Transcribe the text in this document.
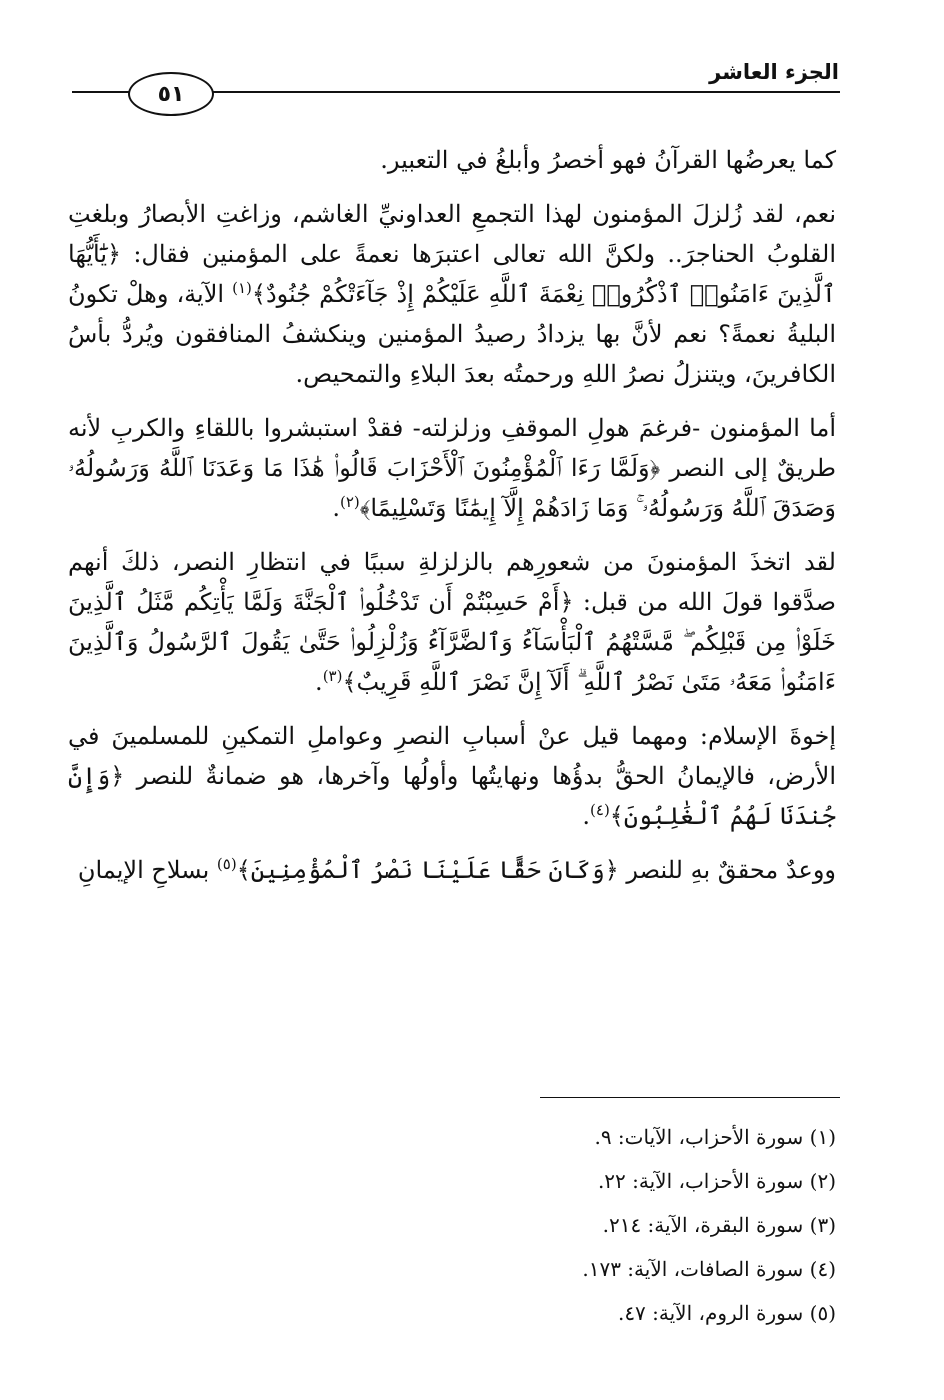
الجزء العاشر
٥١

كما يعرضُها القرآنُ فهو أخصرُ وأبلغُ في التعبير.

نعم، لقد زُلزلَ المؤمنون لهذا التجمعِ العداونيِّ الغاشم، وزاغتِ الأبصارُ وبلغتِ القلوبُ الحناجرَ.. ولكنَّ الله تعالى اعتبرَها نعمةً على المؤمنين فقال: ﴿يَٰٓأَيُّهَا ٱلَّذِينَ ءَامَنُوا۟ ٱذْكُرُوا۟ نِعْمَةَ ٱللَّهِ عَلَيْكُمْ إِذْ جَآءَتْكُمْ جُنُودٌ﴾$^{(١)}$ الآية، وهلْ تكونُ البليةُ نعمةً؟ نعم لأنَّ بها يزدادُ رصيدُ المؤمنين وينكشفُ المنافقون ويُردُّ بأسُ الكافرينَ، ويتنزلُ نصرُ اللهِ ورحمتُه بعدَ البلاءِ والتمحيص.

أما المؤمنون -فرغمَ هولِ الموقفِ وزلزلته- فقدْ استبشروا باللقاءِ والكربِ لأنه طريقٌ إلى النصر ﴿وَلَمَّا رَءَا ٱلْمُؤْمِنُونَ ٱلْأَحْزَابَ قَالُوا۟ هَٰذَا مَا وَعَدَنَا ٱللَّهُ وَرَسُولُهُۥ وَصَدَقَ ٱللَّهُ وَرَسُولُهُۥ ۚ وَمَا زَادَهُمْ إِلَّآ إِيمَٰنًا وَتَسْلِيمًا﴾$^{(٢)}$.

لقد اتخذَ المؤمنونَ من شعورِهم بالزلزلةِ سببًا في انتظارِ النصر، ذلكَ أنهم صدَّقوا قولَ الله من قبل: ﴿أَمْ حَسِبْتُمْ أَن تَدْخُلُوا۟ ٱلْجَنَّةَ وَلَمَّا يَأْتِكُم مَّثَلُ ٱلَّذِينَ خَلَوْا۟ مِن قَبْلِكُم ۖ مَّسَّتْهُمُ ٱلْبَأْسَآءُ وَٱلضَّرَّآءُ وَزُلْزِلُوا۟ حَتَّىٰ يَقُولَ ٱلرَّسُولُ وَٱلَّذِينَ ءَامَنُوا۟ مَعَهُۥ مَتَىٰ نَصْرُ ٱللَّهِ ۗ أَلَآ إِنَّ نَصْرَ ٱللَّهِ قَرِيبٌ﴾$^{(٣)}$.

إخوةَ الإسلام: ومهما قيل عنْ أسبابِ النصرِ وعواملِ التمكينِ للمسلمينَ في الأرض، فالإيمانُ الحقُّ بدؤُها ونهايتُها وأولُها وآخرها، هو ضمانةٌ للنصر ﴿وَإِنَّ جُندَنَا لَهُمُ ٱلْغَٰلِبُونَ﴾$^{(٤)}$.

ووعدٌ محققٌ بهِ للنصر ﴿وَكَانَ حَقًّا عَلَيْنَا نَصْرُ ٱلْمُؤْمِنِينَ﴾$^{(٥)}$ بسلاحِ الإيمانِ

(١) سورة الأحزاب، الآيات: ٩.
(٢) سورة الأحزاب، الآية: ٢٢.
(٣) سورة البقرة، الآية: ٢١٤.
(٤) سورة الصافات، الآية: ١٧٣.
(٥) سورة الروم، الآية: ٤٧.
